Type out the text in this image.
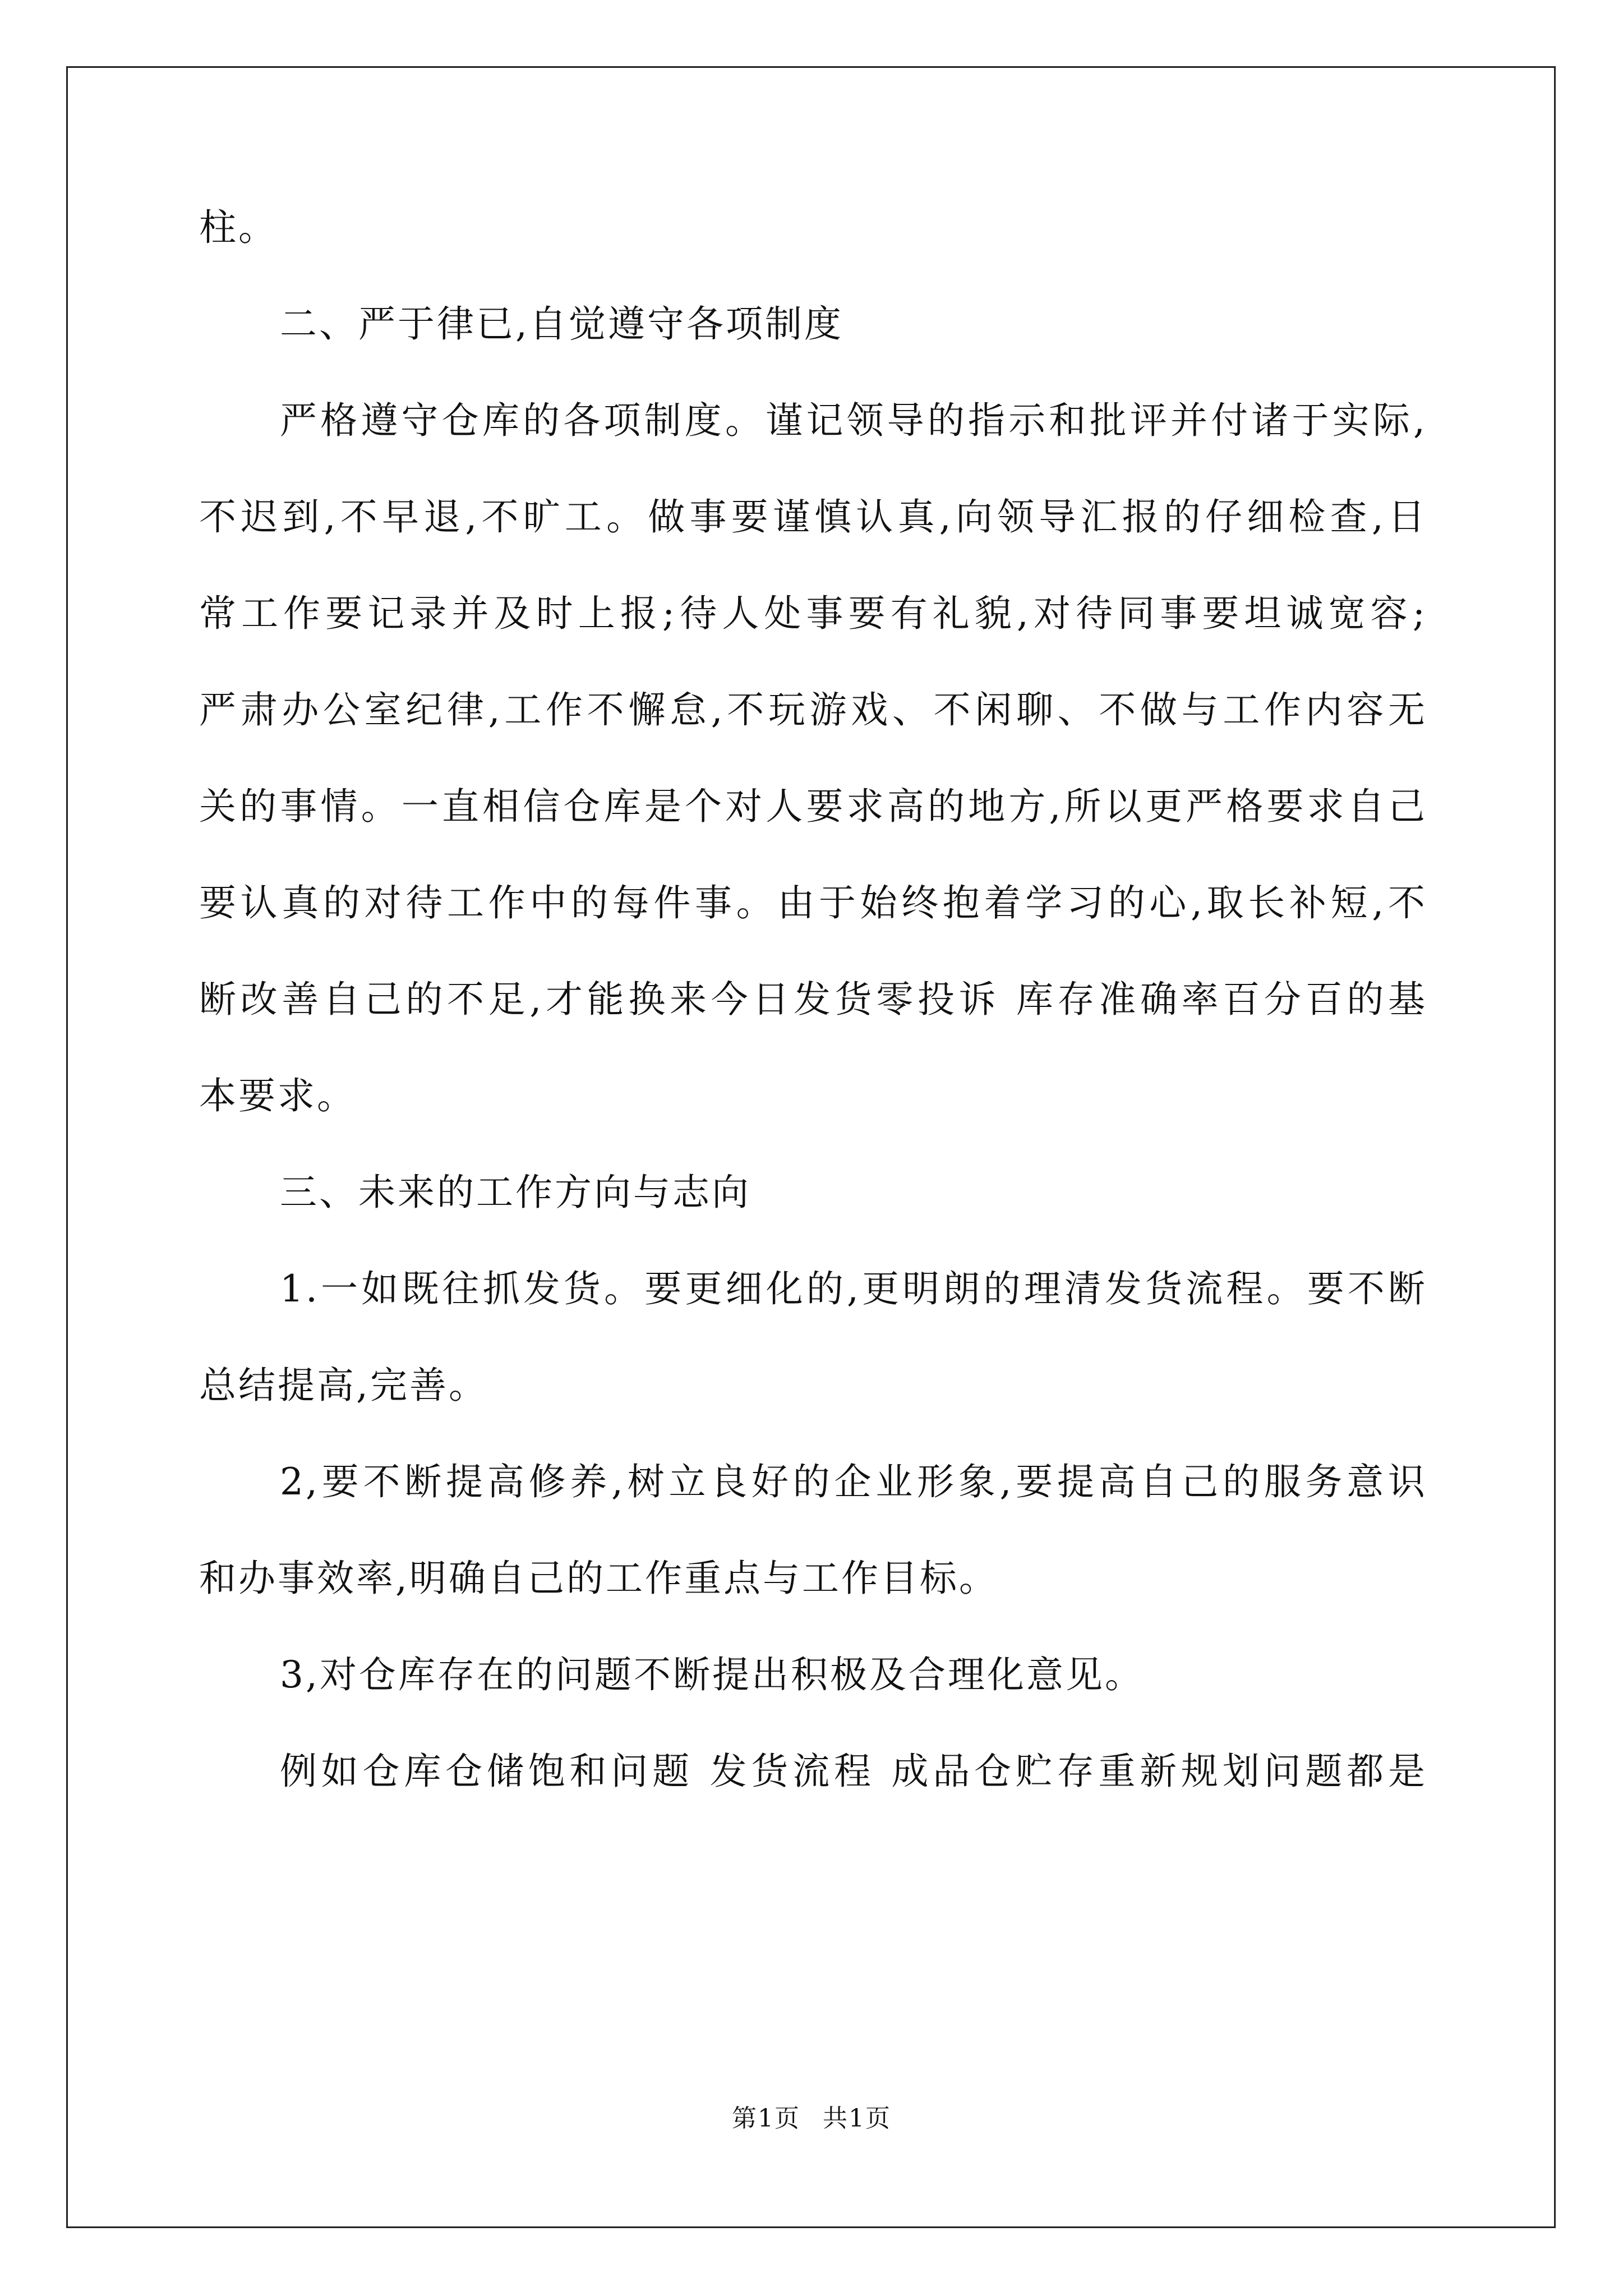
柱。
二、严于律已,自觉遵守各项制度
严格遵守仓库的各项制度。谨记领导的指示和批评并付诸于实际,
不迟到,不早退,不旷工。做事要谨慎认真,向领导汇报的仔细检查,日
常工作要记录并及时上报;待人处事要有礼貌,对待同事要坦诚宽容;
严肃办公室纪律,工作不懈怠,不玩游戏、不闲聊、不做与工作内容无
关的事情。一直相信仓库是个对人要求高的地方,所以更严格要求自己
要认真的对待工作中的每件事。由于始终抱着学习的心,取长补短,不
断改善自己的不足,才能换来今日发货零投诉 库存准确率百分百的基
本要求。
三、未来的工作方向与志向
1.一如既往抓发货。要更细化的,更明朗的理清发货流程。要不断
总结提高,完善。
2,要不断提高修养,树立良好的企业形象,要提高自己的服务意识
和办事效率,明确自己的工作重点与工作目标。
3,对仓库存在的问题不断提出积极及合理化意见。
例如仓库仓储饱和问题 发货流程 成品仓贮存重新规划问题都是
第1页 共1页
